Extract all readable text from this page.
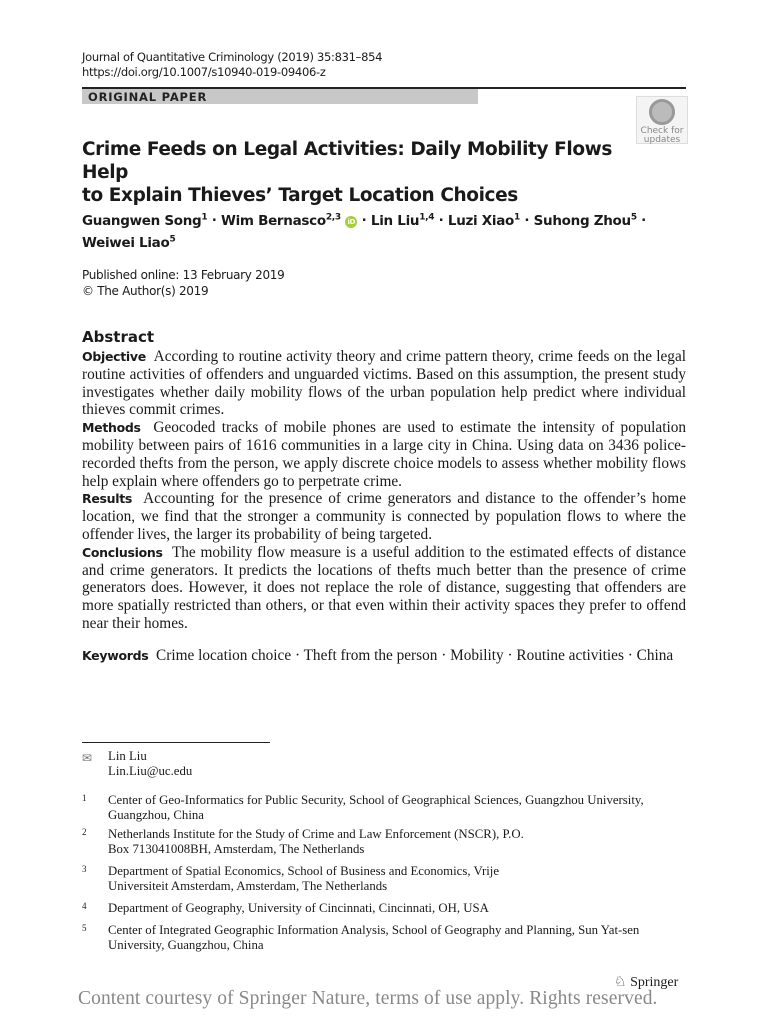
Journal of Quantitative Criminology (2019) 35:831–854
https://doi.org/10.1007/s10940-019-09406-z
ORIGINAL PAPER
Check for
updates
Crime Feeds on Legal Activities: Daily Mobility Flows Help
to Explain Thieves’ Target Location Choices
Guangwen Song$^1$ · Wim Bernasco$^{2,3}$ iD · Lin Liu$^{1,4}$ · Luzi Xiao$^1$ · Suhong Zhou$^5$ ·
Weiwei Liao$^5$
Published online: 13 February 2019
© The Author(s) 2019
Abstract

Objective According to routine activity theory and crime pattern theory, crime feeds on the legal routine activities of offenders and unguarded victims. Based on this assumption, the present study investigates whether daily mobility flows of the urban population help predict where individual thieves commit crimes.

Methods Geocoded tracks of mobile phones are used to estimate the intensity of population mobility between pairs of 1616 communities in a large city in China. Using data on 3436 police-recorded thefts from the person, we apply discrete choice models to assess whether mobility flows help explain where offenders go to perpetrate crime.

Results Accounting for the presence of crime generators and distance to the offender’s home location, we find that the stronger a community is connected by population flows to where the offender lives, the larger its probability of being targeted.

Conclusions The mobility flow measure is a useful addition to the estimated effects of distance and crime generators. It predicts the locations of thefts much better than the presence of crime generators does. However, it does not replace the role of distance, suggesting that offenders are more spatially restricted than others, or that even within their activity spaces they prefer to offend near their homes.

Keywords Crime location choice · Theft from the person · Mobility · Routine activities · China
✉ Lin Liu
Lin.Liu@uc.edu
1 Center of Geo-Informatics for Public Security, School of Geographical Sciences, Guangzhou University, Guangzhou, China
2 Netherlands Institute for the Study of Crime and Law Enforcement (NSCR), P.O. Box 713041008BH, Amsterdam, The Netherlands
3 Department of Spatial Economics, School of Business and Economics, Vrije Universiteit Amsterdam, Amsterdam, The Netherlands
4 Department of Geography, University of Cincinnati, Cincinnati, OH, USA
5 Center of Integrated Geographic Information Analysis, School of Geography and Planning, Sun Yat-sen University, Guangzhou, China
♘ Springer
Content courtesy of Springer Nature, terms of use apply. Rights reserved.
